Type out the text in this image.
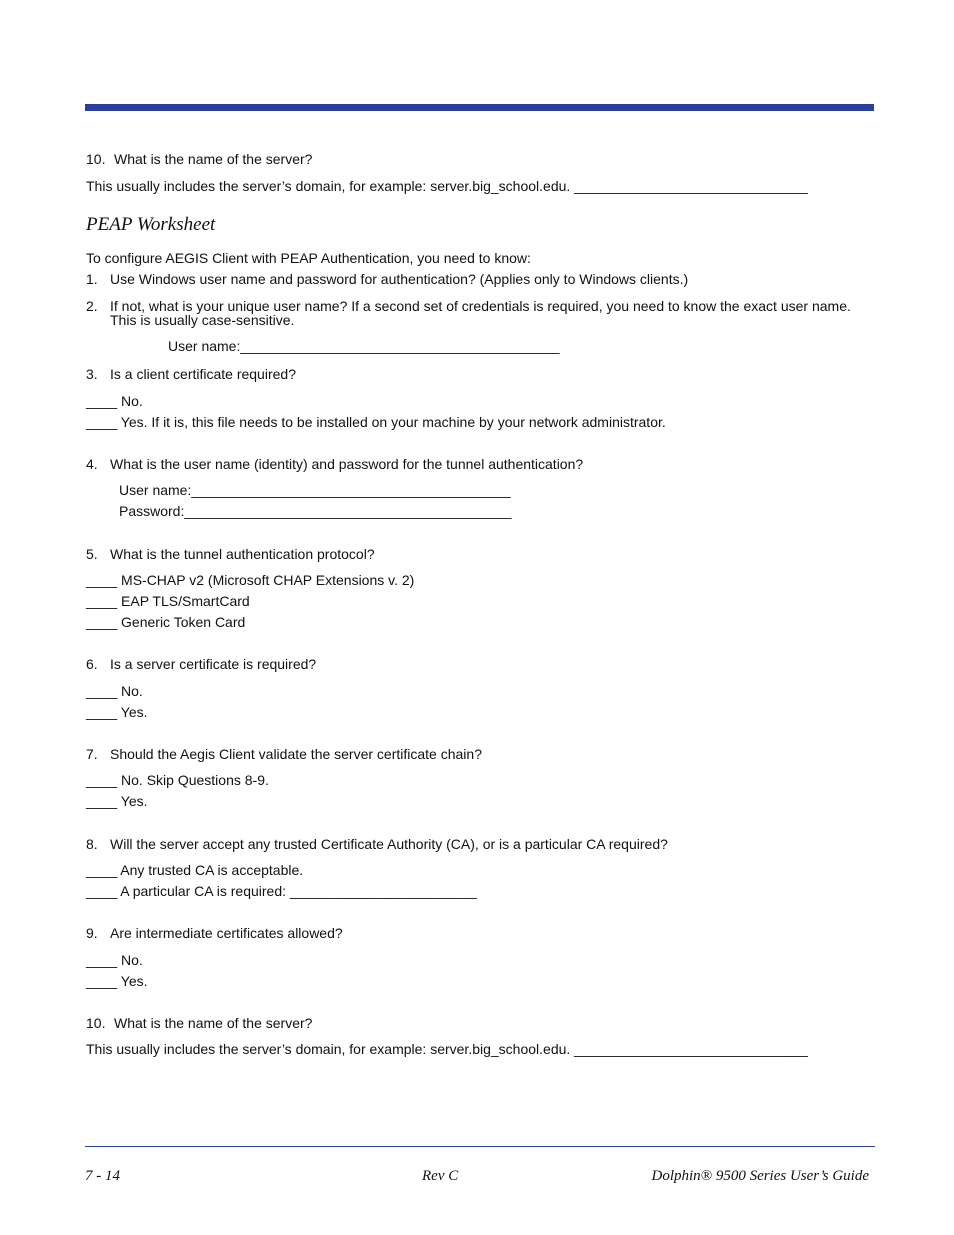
10. What is the name of the server?
This usually includes the server’s domain, for example: server.big_school.edu. ______________________________
PEAP Worksheet
To configure AEGIS Client with PEAP Authentication, you need to know:
1. Use Windows user name and password for authentication? (Applies only to Windows clients.)
2. If not, what is your unique user name? If a second set of credentials is required, you need to know the exact user name.
This is usually case-sensitive.
User name:_________________________________________
3. Is a client certificate required?
____ No.
____ Yes. If it is, this file needs to be installed on your machine by your network administrator.
4. What is the user name (identity) and password for the tunnel authentication?
User name:_________________________________________
Password:__________________________________________
5. What is the tunnel authentication protocol?
____ MS-CHAP v2 (Microsoft CHAP Extensions v. 2)
____ EAP TLS/SmartCard
____ Generic Token Card
6. Is a server certificate is required?
____ No.
____ Yes.
7. Should the Aegis Client validate the server certificate chain?
____ No. Skip Questions 8-9.
____ Yes.
8. Will the server accept any trusted Certificate Authority (CA), or is a particular CA required?
____ Any trusted CA is acceptable.
____ A particular CA is required: ________________________
9. Are intermediate certificates allowed?
____ No.
____ Yes.
10. What is the name of the server?
This usually includes the server’s domain, for example: server.big_school.edu. ______________________________
7 - 14	Rev C	Dolphin® 9500 Series User’s Guide
